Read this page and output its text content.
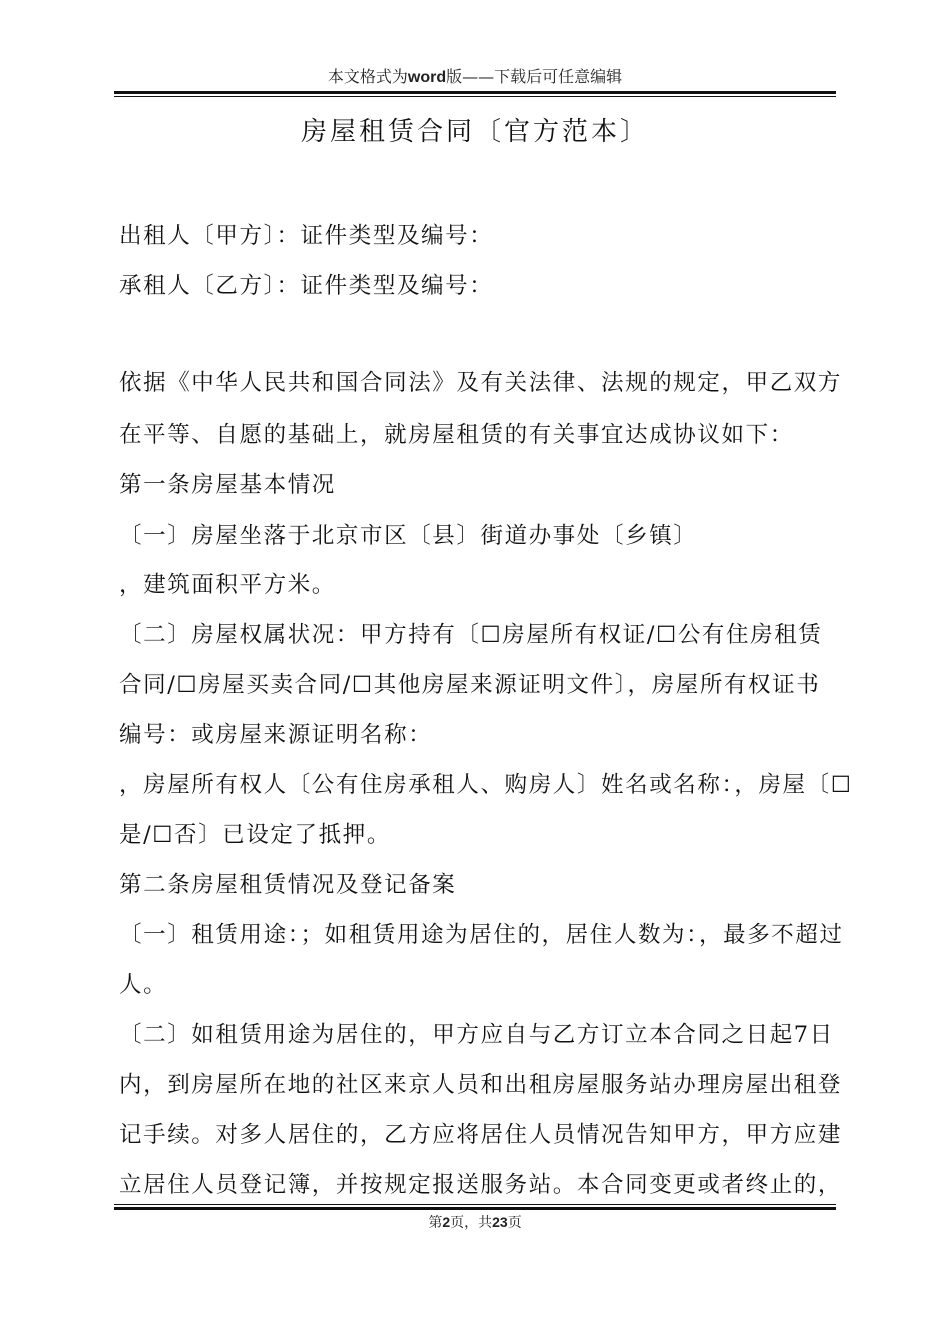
本文格式为word版——下载后可任意编辑
房屋租赁合同〔官方范本〕

出租人〔甲方〕：证件类型及编号：

承租人〔乙方〕：证件类型及编号：

依据《中华人民共和国合同法》及有关法律、法规的规定，甲乙双方

在平等、自愿的基础上，就房屋租赁的有关事宜达成协议如下：

第一条房屋基本情况

〔一〕房屋坐落于北京市区〔县〕街道办事处〔乡镇〕

，建筑面积平方米。

〔二〕房屋权属状况：甲方持有〔☐房屋所有权证/☐公有住房租赁

合同/☐房屋买卖合同/☐其他房屋来源证明文件〕，房屋所有权证书

编号：或房屋来源证明名称：

，房屋所有权人〔公有住房承租人、购房人〕姓名或名称：，房屋〔☐

是/☐否〕已设定了抵押。

第二条房屋租赁情况及登记备案

〔一〕租赁用途：；如租赁用途为居住的，居住人数为：，最多不超过

人。

〔二〕如租赁用途为居住的，甲方应自与乙方订立本合同之日起7日

内，到房屋所在地的社区来京人员和出租房屋服务站办理房屋出租登

记手续。对多人居住的，乙方应将居住人员情况告知甲方，甲方应建

立居住人员登记簿，并按规定报送服务站。本合同变更或者终止的，

第2页，共23页
